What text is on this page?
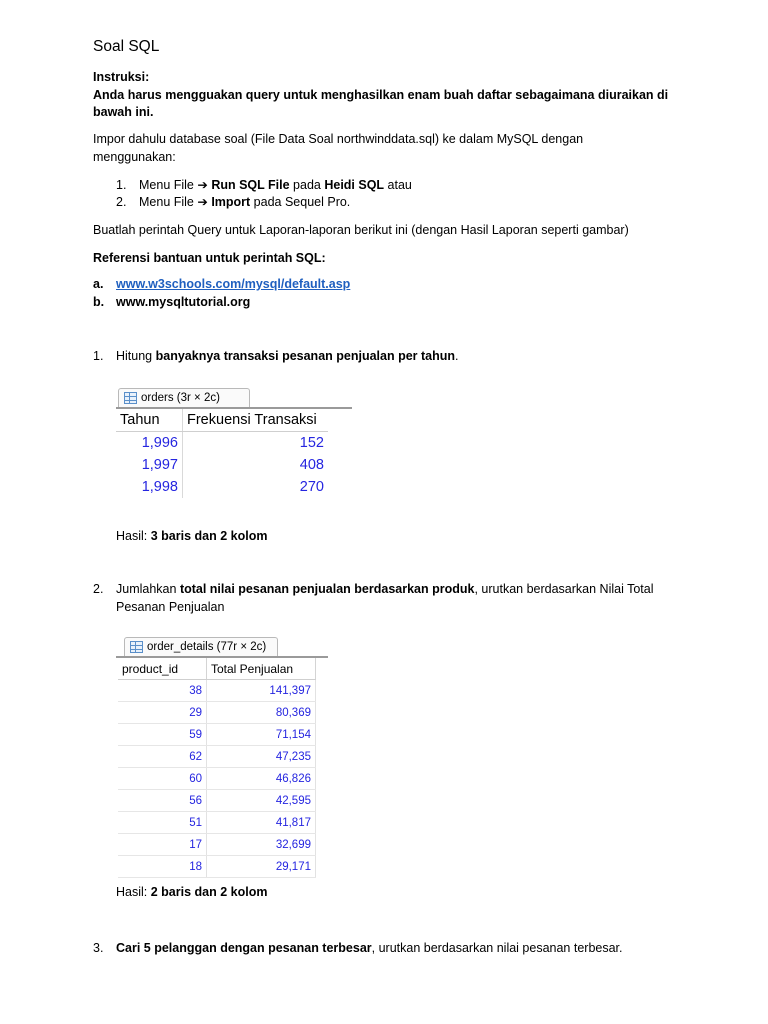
Soal SQL
Instruksi:
Anda harus mengguakan query untuk menghasilkan enam buah daftar sebagaimana diuraikan di bawah ini.
Impor dahulu database soal (File Data Soal northwinddata.sql) ke dalam MySQL dengan menggunakan:
1. Menu File ➔ Run SQL File pada Heidi SQL atau
2. Menu File ➔ Import pada Sequel Pro.
Buatlah perintah Query untuk Laporan-laporan berikut ini (dengan Hasil Laporan seperti gambar)
Referensi bantuan untuk perintah SQL:
a. www.w3schools.com/mysql/default.asp
b. www.mysqltutorial.org
1. Hitung banyaknya transaksi pesanan penjualan per tahun.
orders (3r × 2c)
Tahun	Frekuensi Transaksi
1,996	152
1,997	408
1,998	270
Hasil: 3 baris dan 2 kolom
2. Jumlahkan total nilai pesanan penjualan berdasarkan produk, urutkan berdasarkan Nilai Total Pesanan Penjualan
order_details (77r × 2c)
product_id	Total Penjualan
38	141,397
29	80,369
59	71,154
62	47,235
60	46,826
56	42,595
51	41,817
17	32,699
18	29,171
Hasil: 2 baris dan 2 kolom
3. Cari 5 pelanggan dengan pesanan terbesar, urutkan berdasarkan nilai pesanan terbesar.
